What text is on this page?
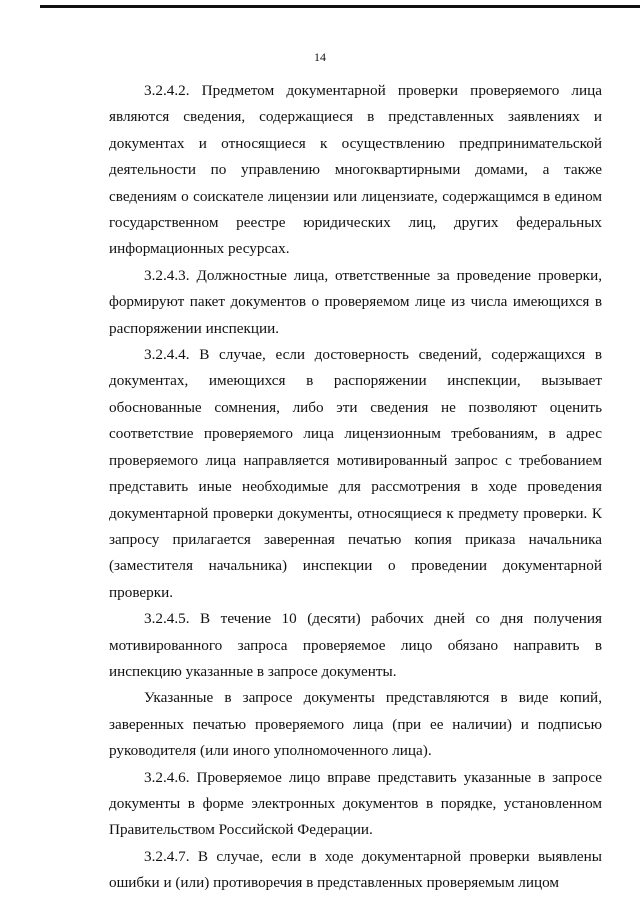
14

3.2.4.2. Предметом документарной проверки проверяемого лица являются сведения, содержащиеся в представленных заявлениях и документах и относящиеся к осуществлению предпринимательской деятельности по управлению многоквартирными домами, а также сведениям о соискателе лицензии или лицензиате, содержащимся в едином государственном реестре юридических лиц, других федеральных информационных ресурсах.

3.2.4.3. Должностные лица, ответственные за проведение проверки, формируют пакет документов о проверяемом лице из числа имеющихся в распоряжении инспекции.

3.2.4.4. В случае, если достоверность сведений, содержащихся в документах, имеющихся в распоряжении инспекции, вызывает обоснованные сомнения, либо эти сведения не позволяют оценить соответствие проверяемого лица лицензионным требованиям, в адрес проверяемого лица направляется мотивированный запрос с требованием представить иные необходимые для рассмотрения в ходе проведения документарной проверки документы, относящиеся к предмету проверки. К запросу прилагается заверенная печатью копия приказа начальника (заместителя начальника) инспекции о проведении документарной проверки.

3.2.4.5. В течение 10 (десяти) рабочих дней со дня получения мотивированного запроса проверяемое лицо обязано направить в инспекцию указанные в запросе документы.

Указанные в запросе документы представляются в виде копий, заверенных печатью проверяемого лица (при ее наличии) и подписью руководителя (или иного уполномоченного лица).

3.2.4.6. Проверяемое лицо вправе представить указанные в запросе документы в форме электронных документов в порядке, установленном Правительством Российской Федерации.

3.2.4.7. В случае, если в ходе документарной проверки выявлены ошибки и (или) противоречия в представленных проверяемым лицом
